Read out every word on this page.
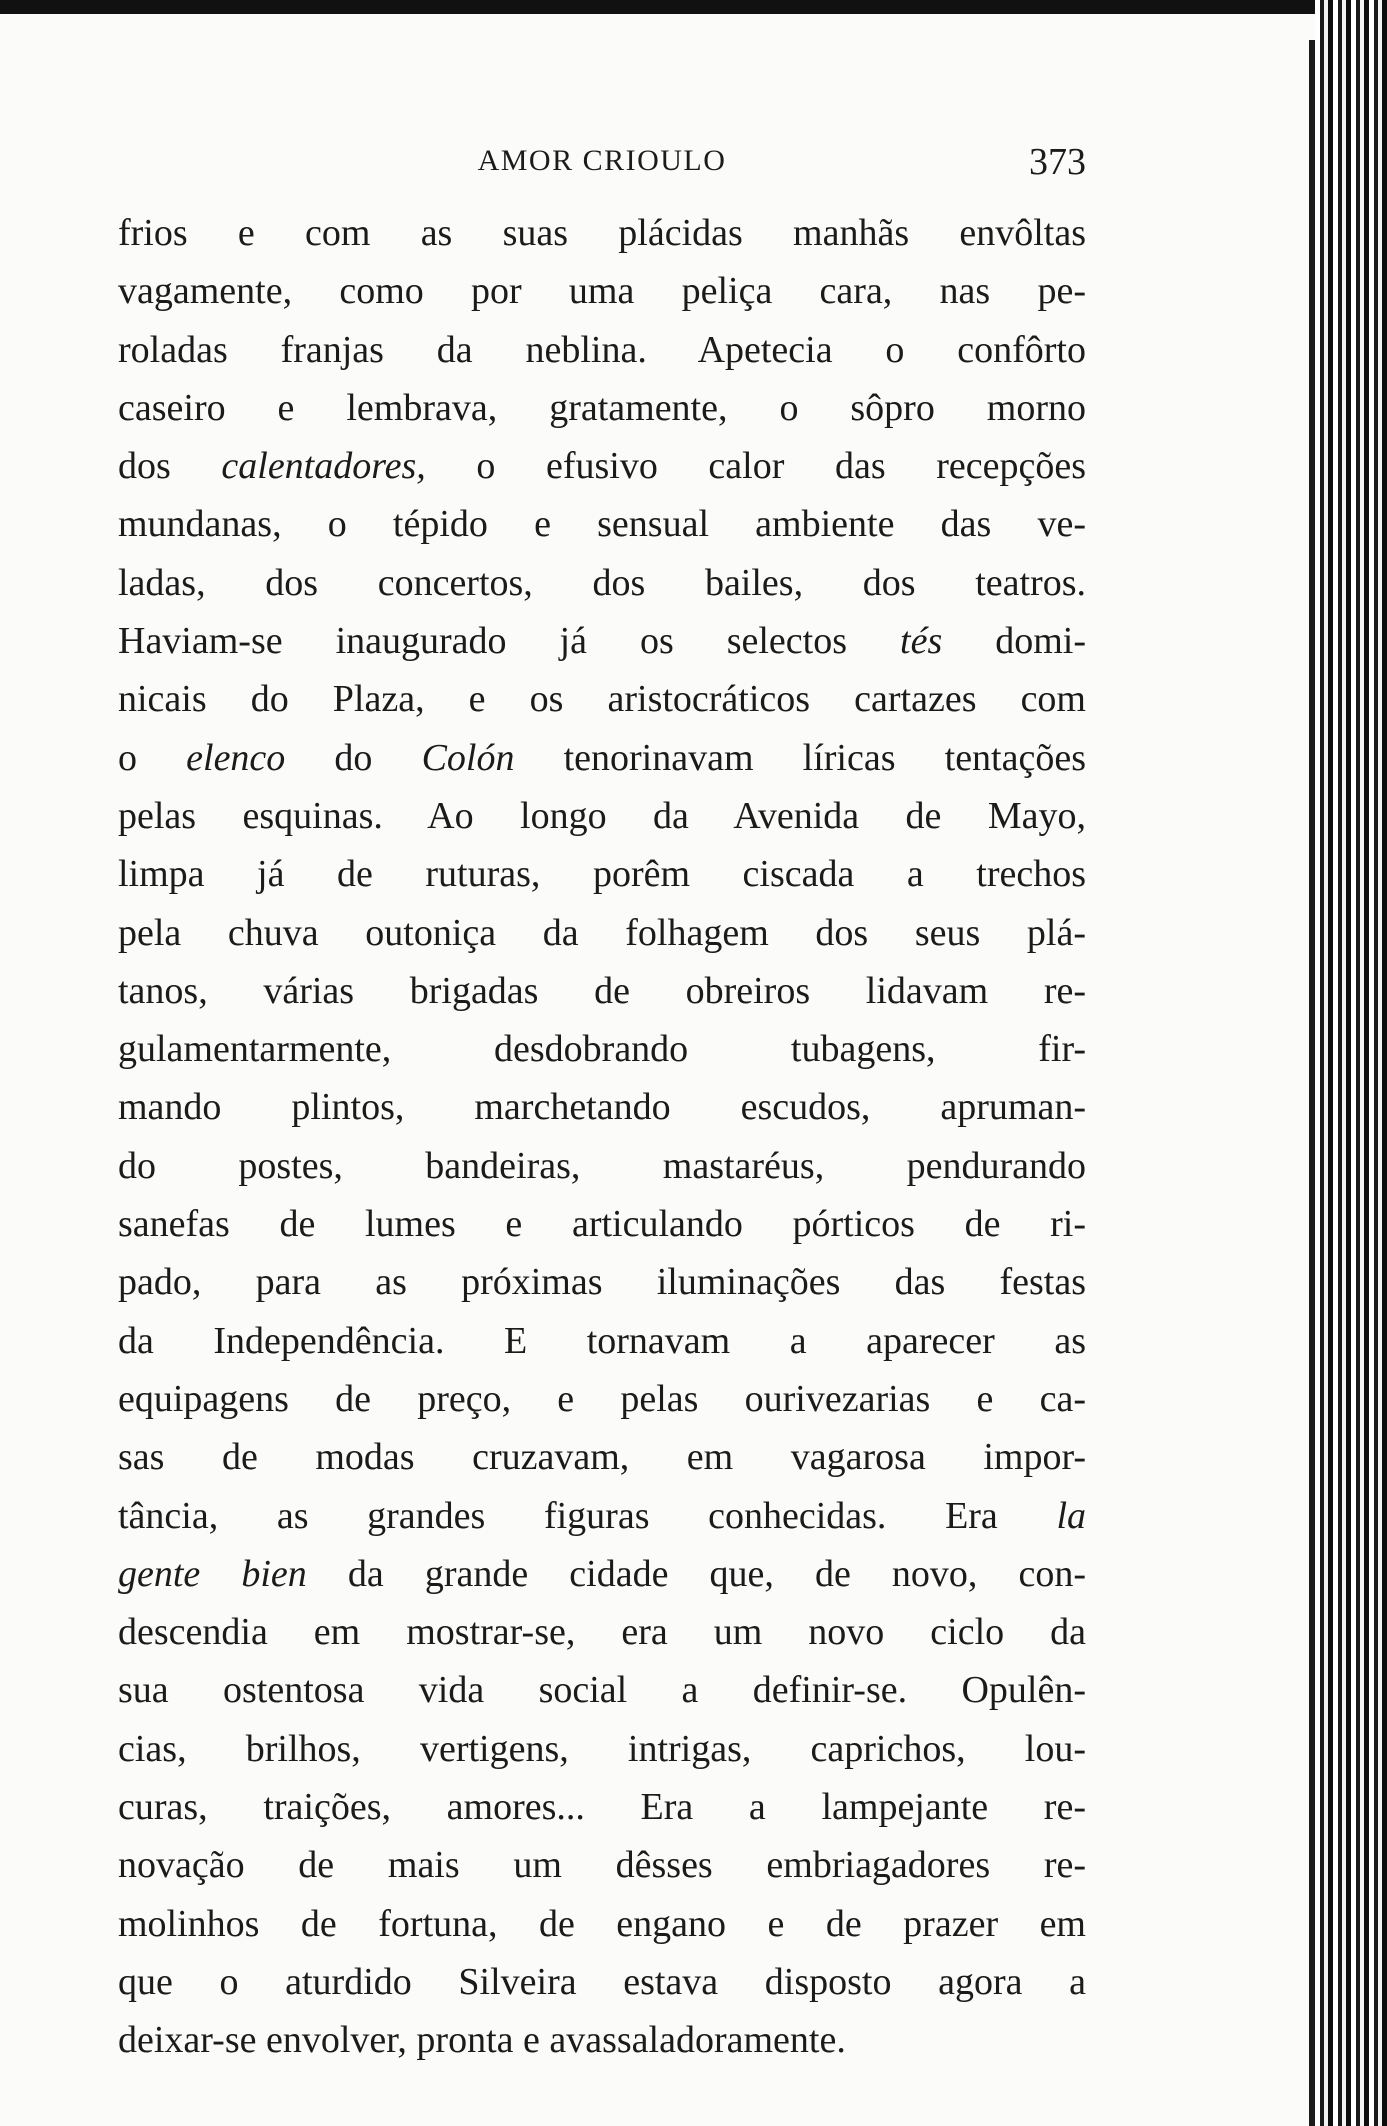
AMOR CRIOULO	373
frios e com as suas plácidas manhãs envôltas
vagamente, como por uma peliça cara, nas pe-
roladas franjas da neblina. Apetecia o confôrto
caseiro e lembrava, gratamente, o sôpro morno
dos calentadores, o efusivo calor das recepções
mundanas, o tépido e sensual ambiente das ve-
ladas, dos concertos, dos bailes, dos teatros.
Haviam-se inaugurado já os selectos tés domi-
nicais do Plaza, e os aristocráticos cartazes com
o elenco do Colón tenorinavam líricas tentações
pelas esquinas. Ao longo da Avenida de Mayo,
limpa já de ruturas, porêm ciscada a trechos
pela chuva outoniça da folhagem dos seus plá-
tanos, várias brigadas de obreiros lidavam re-
gulamentarmente, desdobrando tubagens, fir-
mando plintos, marchetando escudos, apruman-
do postes, bandeiras, mastaréus, pendurando
sanefas de lumes e articulando pórticos de ri-
pado, para as próximas iluminações das festas
da Independência. E tornavam a aparecer as
equipagens de preço, e pelas ourivezarias e ca-
sas de modas cruzavam, em vagarosa impor-
tância, as grandes figuras conhecidas. Era la
gente bien da grande cidade que, de novo, con-
descendia em mostrar-se, era um novo ciclo da
sua ostentosa vida social a definir-se. Opulên-
cias, brilhos, vertigens, intrigas, caprichos, lou-
curas, traições, amores... Era a lampejante re-
novação de mais um dêsses embriagadores re-
molinhos de fortuna, de engano e de prazer em
que o aturdido Silveira estava disposto agora a
deixar-se envolver, pronta e avassaladoramente.
